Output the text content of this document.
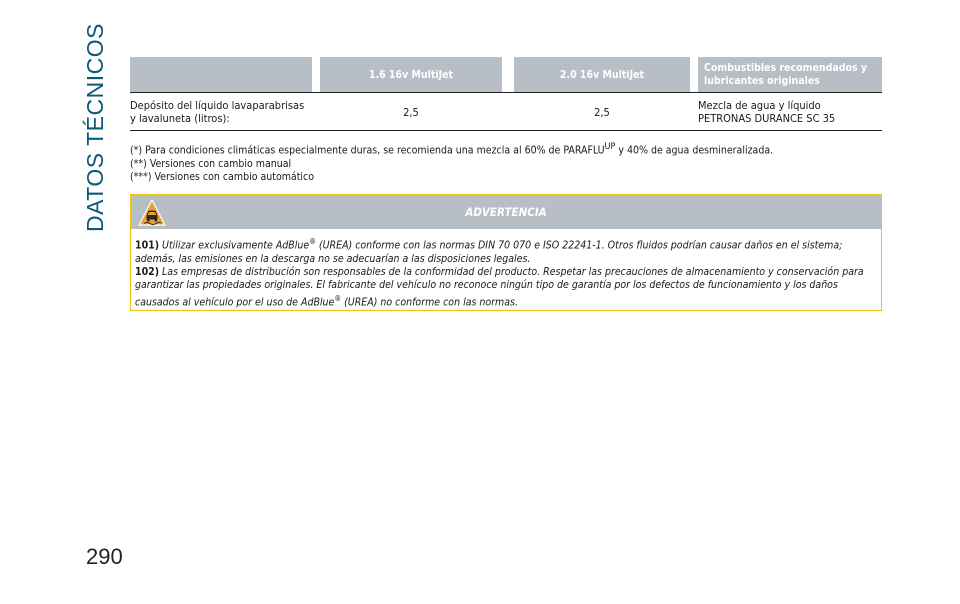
DATOS TÉCNICOS
290
		1.6 16v MultiJet		2.0 16v MultiJet		Combustibles recomendados y lubricantes originales
Depósito del líquido lavaparabrisas
y lavaluneta (litros):		2,5		2,5		Mezcla de agua y líquido
PETRONAS DURANCE SC 35
(*) Para condiciones climáticas especialmente duras, se recomienda una mezcla al 60% de $PARAFLU^{UP}$ y 40% de agua desmineralizada.
(**) Versiones con cambio manual
(***) Versiones con cambio automático
ADVERTENCIA

101) Utilizar exclusivamente AdBlue® (UREA) conforme con las normas DIN 70 070 e ISO 22241-1. Otros fluidos podrían causar daños en el sistema; además, las emisiones en la descarga no se adecuarían a las disposiciones legales.

102) Las empresas de distribución son responsables de la conformidad del producto. Respetar las precauciones de almacenamiento y conservación para garantizar las propiedades originales. El fabricante del vehículo no reconoce ningún tipo de garantía por los defectos de funcionamiento y los daños causados al vehículo por el uso de AdBlue® (UREA) no conforme con las normas.
